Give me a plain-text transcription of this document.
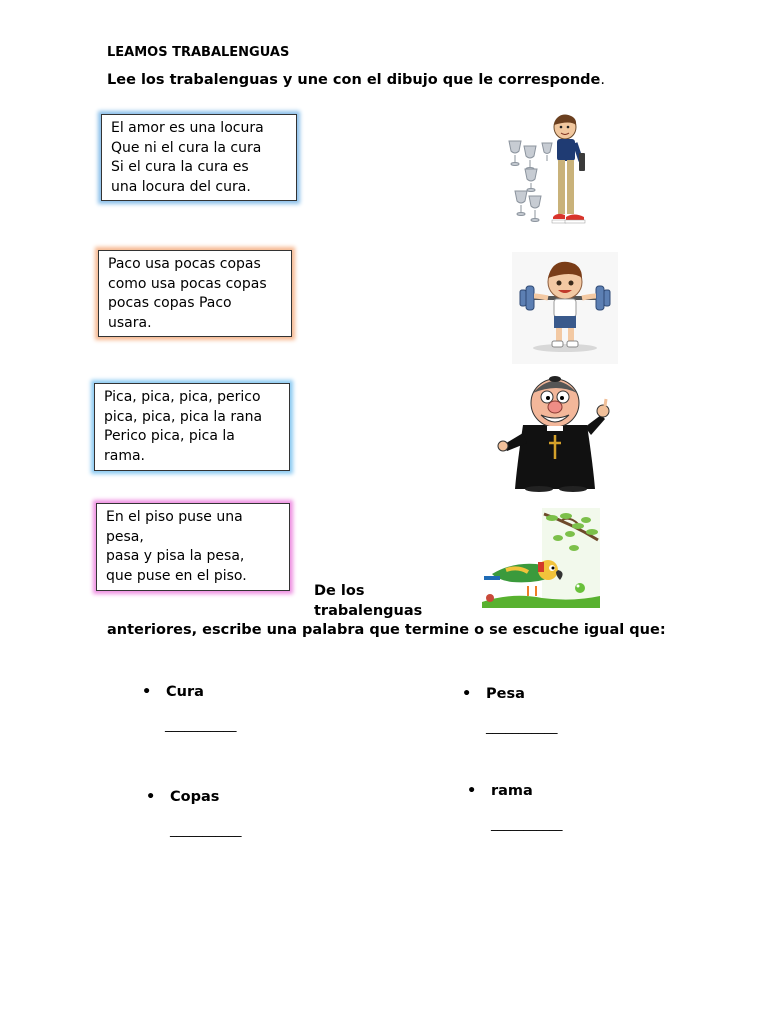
LEAMOS TRABALENGUAS
Lee los trabalenguas y une con el dibujo que le corresponde.
El amor es una locura
Que ni el cura la cura
Si el cura la cura es
una locura del cura.
Paco usa pocas copas
como usa pocas copas
pocas copas Paco
usara.
Pica, pica, pica, perico
pica, pica, pica la rana
Perico pica, pica la
rama.
En el piso puse una
pesa,
pasa y pisa la pesa,
que puse en el piso.
De los trabalenguas
anteriores, escribe una palabra que termine o se escuche igual que:
• Cura
___________
• Pesa
___________
• Copas
___________
• rama
___________
